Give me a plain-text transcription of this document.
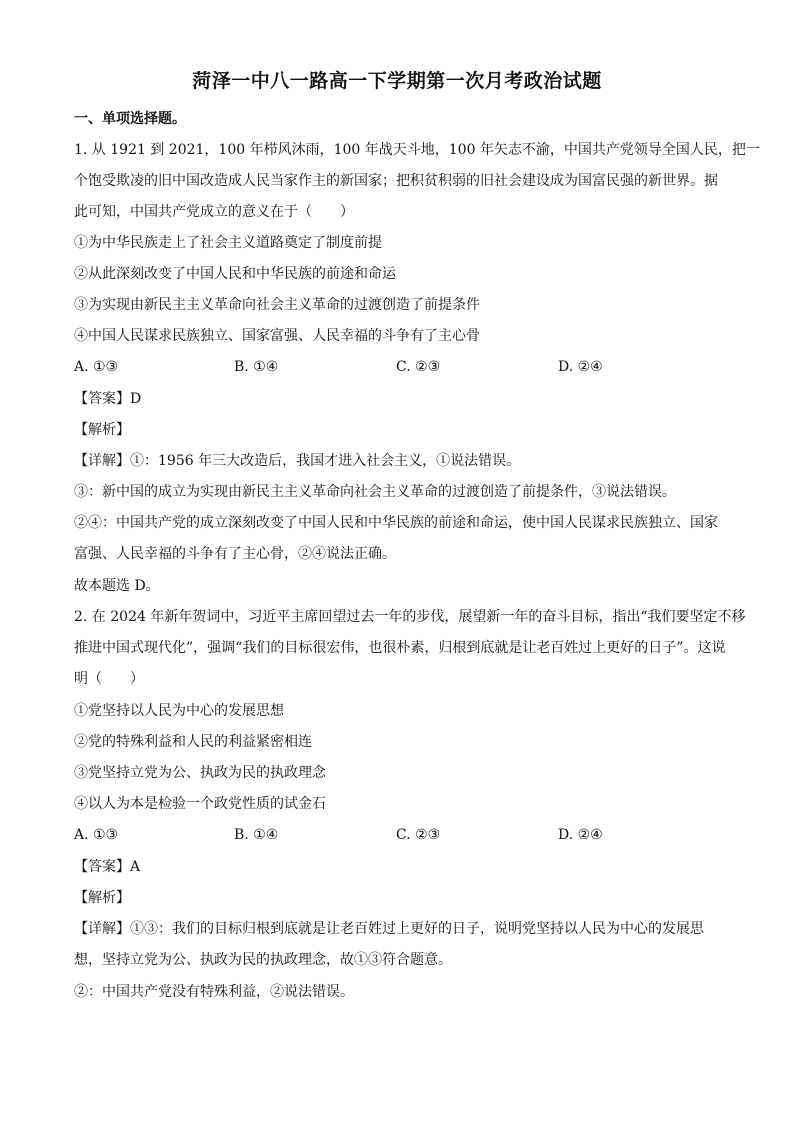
菏泽一中八一路高一下学期第一次月考政治试题
一、单项选择题。
1. 从 1921 到 2021，100 年栉风沐雨，100 年战天斗地，100 年矢志不渝，中国共产党领导全国人民，把一
个饱受欺凌的旧中国改造成人民当家作主的新国家；把积贫积弱的旧社会建设成为国富民强的新世界。据
此可知，中国共产党成立的意义在于（　　）
①为中华民族走上了社会主义道路奠定了制度前提
②从此深刻改变了中国人民和中华民族的前途和命运
③为实现由新民主主义革命向社会主义革命的过渡创造了前提条件
④中国人民谋求民族独立、国家富强、人民幸福的斗争有了主心骨
A. ①③	B. ①④	C. ②③	D. ②④
【答案】D
【解析】
【详解】①：1956 年三大改造后，我国才进入社会主义，①说法错误。
③：新中国的成立为实现由新民主主义革命向社会主义革命的过渡创造了前提条件，③说法错误。
②④：中国共产党的成立深刻改变了中国人民和中华民族的前途和命运，使中国人民谋求民族独立、国家
富强、人民幸福的斗争有了主心骨，②④说法正确。
故本题选 D。
2. 在 2024 年新年贺词中，习近平主席回望过去一年的步伐，展望新一年的奋斗目标，指出“我们要坚定不移
推进中国式现代化”，强调“我们的目标很宏伟，也很朴素，归根到底就是让老百姓过上更好的日子”。这说
明（　　）
①党坚持以人民为中心的发展思想
②党的特殊利益和人民的利益紧密相连
③党坚持立党为公、执政为民的执政理念
④以人为本是检验一个政党性质的试金石
A. ①③	B. ①④	C. ②③	D. ②④
【答案】A
【解析】
【详解】①③：我们的目标归根到底就是让老百姓过上更好的日子，说明党坚持以人民为中心的发展思
想，坚持立党为公、执政为民的执政理念，故①③符合题意。
②：中国共产党没有特殊利益，②说法错误。
